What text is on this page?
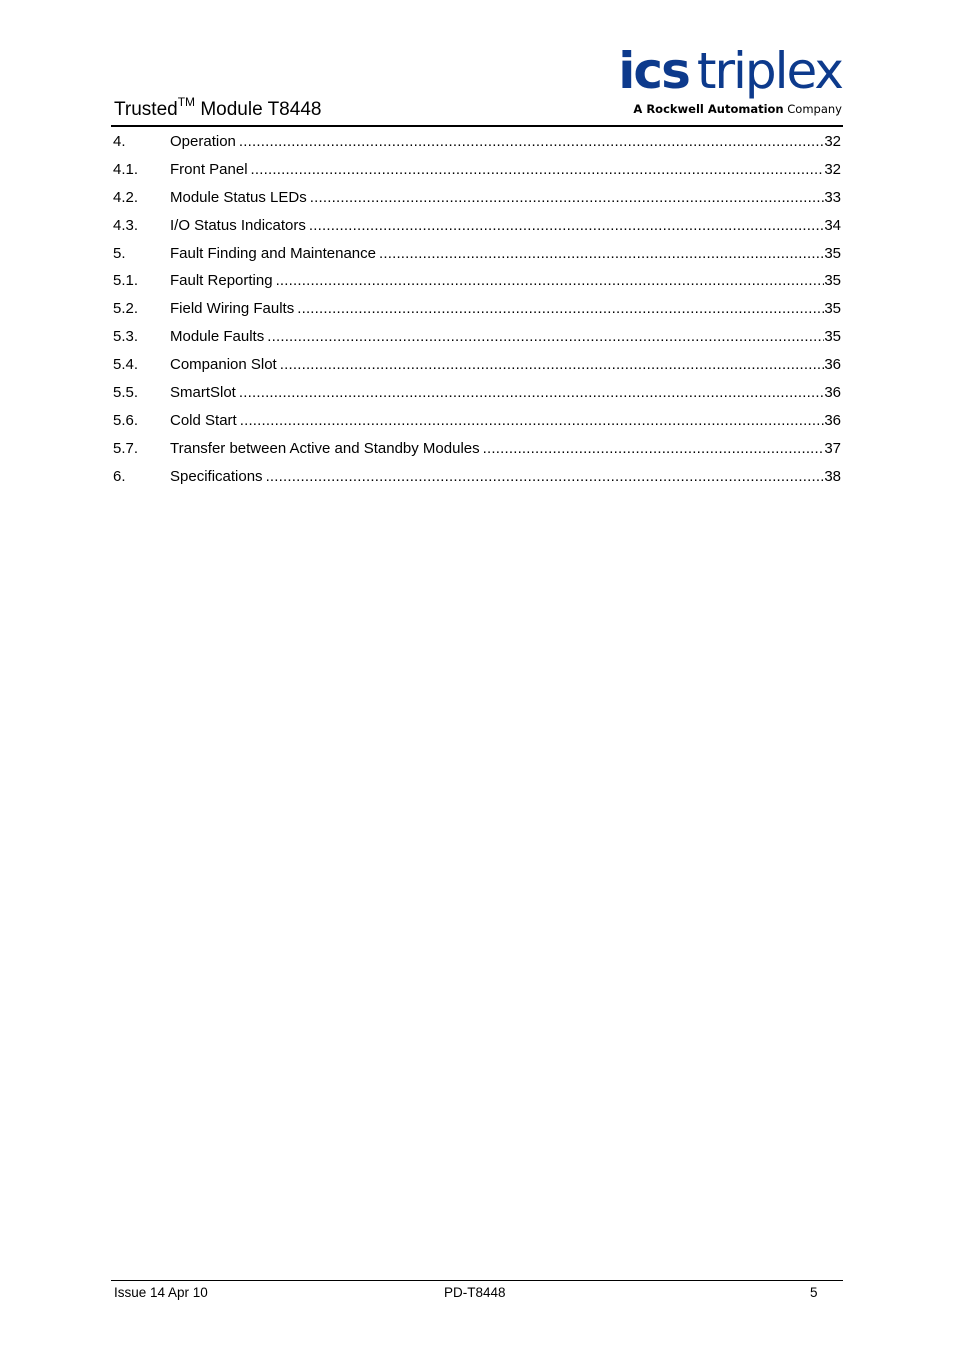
Trusted™ Module T8448
ics triplex
A Rockwell Automation Company
4.	Operation .....	32
4.1.	Front Panel .....	32
4.2.	Module Status LEDs .....	33
4.3.	I/O Status Indicators .....	34
5.	Fault Finding and Maintenance .....	35
5.1.	Fault Reporting .....	35
5.2.	Field Wiring Faults .....	35
5.3.	Module Faults .....	35
5.4.	Companion Slot .....	36
5.5.	SmartSlot .....	36
5.6.	Cold Start .....	36
5.7.	Transfer between Active and Standby Modules .....	37
6.	Specifications .....	38
Issue 14 Apr 10	PD-T8448	5
